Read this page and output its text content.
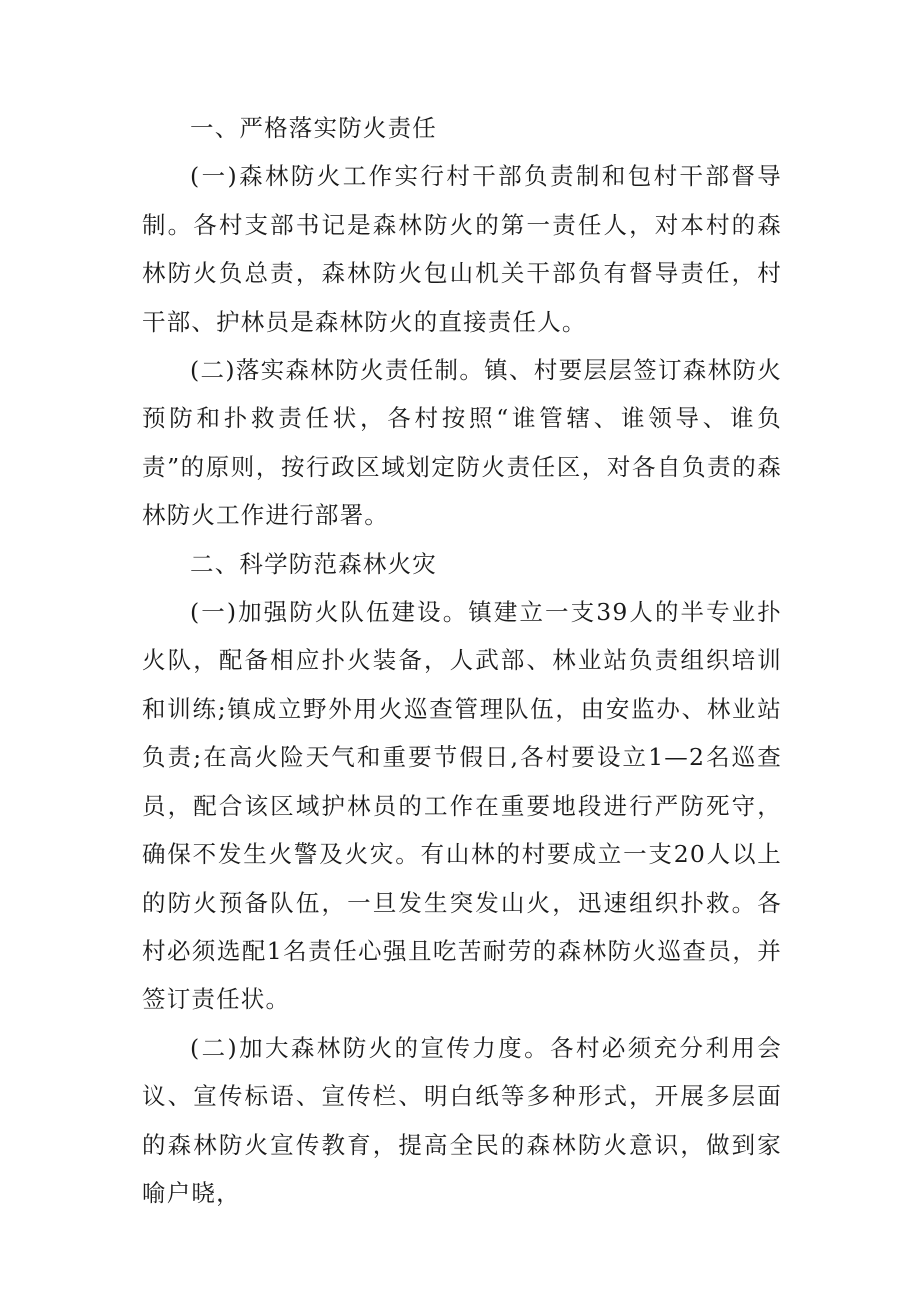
一、严格落实防火责任

(一)森林防火工作实行村干部负责制和包村干部督导制。各村支部书记是森林防火的第一责任人，对本村的森林防火负总责，森林防火包山机关干部负有督导责任，村干部、护林员是森林防火的直接责任人。

(二)落实森林防火责任制。镇、村要层层签订森林防火预防和扑救责任状，各村按照“谁管辖、谁领导、谁负责”的原则，按行政区域划定防火责任区，对各自负责的森林防火工作进行部署。

二、科学防范森林火灾

(一)加强防火队伍建设。镇建立一支39人的半专业扑火队，配备相应扑火装备，人武部、林业站负责组织培训和训练;镇成立野外用火巡查管理队伍，由安监办、林业站负责;在高火险天气和重要节假日,各村要设立1—2名巡查员，配合该区域护林员的工作在重要地段进行严防死守，确保不发生火警及火灾。有山林的村要成立一支20人以上的防火预备队伍，一旦发生突发山火，迅速组织扑救。各村必须选配1名责任心强且吃苦耐劳的森林防火巡查员，并签订责任状。

(二)加大森林防火的宣传力度。各村必须充分利用会议、宣传标语、宣传栏、明白纸等多种形式，开展多层面的森林防火宣传教育，提高全民的森林防火意识，做到家喻户晓，
